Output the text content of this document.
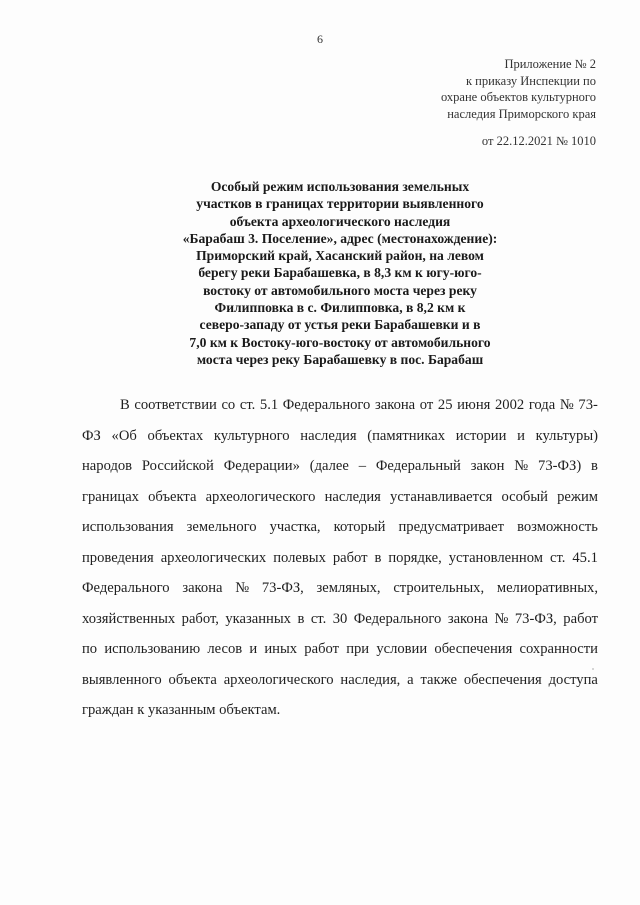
6
Приложение № 2
к приказу Инспекции по
охране объектов культурного
наследия Приморского края
от 22.12.2021 № 1010
Особый режим использования земельных
участков в границах территории выявленного
объекта археологического наследия
«Барабаш 3. Поселение», адрес (местонахождение):
Приморский край, Хасанский район, на левом
берегу реки Барабашевка, в 8,3 км к югу-юго-
востоку от автомобильного моста через реку
Филипповка в с. Филипповка, в 8,2 км к
северо-западу от устья реки Барабашевки и в
7,0 км к Востоку-юго-востоку от автомобильного
моста через реку Барабашевку в пос. Барабаш
В соответствии со ст. 5.1 Федерального закона от 25 июня 2002 года № 73-
ФЗ «Об объектах культурного наследия (памятниках истории и культуры)
народов Российской Федерации» (далее – Федеральный закон № 73-ФЗ) в
границах объекта археологического наследия устанавливается особый режим
использования земельного участка, который предусматривает возможность
проведения археологических полевых работ в порядке, установленном ст. 45.1
Федерального закона № 73-ФЗ, земляных, строительных, мелиоративных,
хозяйственных работ, указанных в ст. 30 Федерального закона № 73-ФЗ, работ
по использованию лесов и иных работ при условии обеспечения сохранности
выявленного объекта археологического наследия, а также обеспечения доступа
граждан к указанным объектам.
